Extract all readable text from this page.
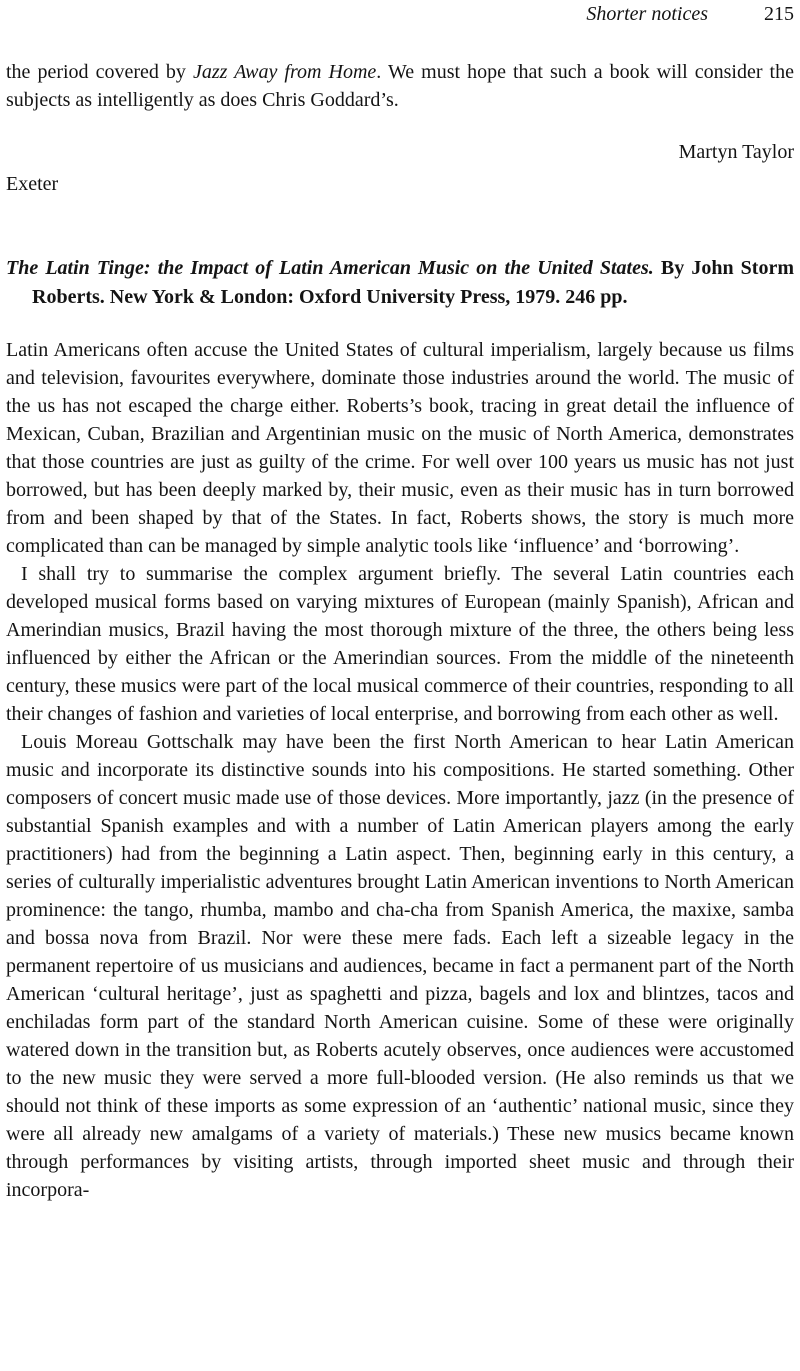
Shorter notices	215

the period covered by Jazz Away from Home. We must hope that such a book will consider the subjects as intelligently as does Chris Goddard’s.

Martyn Taylor

Exeter

The Latin Tinge: the Impact of Latin American Music on the United States. By John Storm Roberts. New York & London: Oxford University Press, 1979. 246 pp.

Latin Americans often accuse the United States of cultural imperialism, largely because us films and television, favourites everywhere, dominate those industries around the world. The music of the us has not escaped the charge either. Roberts’s book, tracing in great detail the influence of Mexican, Cuban, Brazilian and Argentinian music on the music of North America, demonstrates that those countries are just as guilty of the crime. For well over 100 years us music has not just borrowed, but has been deeply marked by, their music, even as their music has in turn borrowed from and been shaped by that of the States. In fact, Roberts shows, the story is much more complicated than can be managed by simple analytic tools like ‘influence’ and ‘borrowing’.

I shall try to summarise the complex argument briefly. The several Latin countries each developed musical forms based on varying mixtures of European (mainly Spanish), African and Amerindian musics, Brazil having the most thorough mixture of the three, the others being less influenced by either the African or the Amerindian sources. From the middle of the nineteenth century, these musics were part of the local musical commerce of their countries, responding to all their changes of fashion and varieties of local enterprise, and borrowing from each other as well.

Louis Moreau Gottschalk may have been the first North American to hear Latin American music and incorporate its distinctive sounds into his compositions. He started something. Other composers of concert music made use of those devices. More importantly, jazz (in the presence of substantial Spanish examples and with a number of Latin American players among the early practitioners) had from the beginning a Latin aspect. Then, beginning early in this century, a series of culturally imperialistic adventures brought Latin American inventions to North American prominence: the tango, rhumba, mambo and cha-cha from Spanish America, the maxixe, samba and bossa nova from Brazil. Nor were these mere fads. Each left a sizeable legacy in the permanent repertoire of us musicians and audiences, became in fact a permanent part of the North American ‘cultural heritage’, just as spaghetti and pizza, bagels and lox and blintzes, tacos and enchiladas form part of the standard North American cuisine. Some of these were originally watered down in the transition but, as Roberts acutely observes, once audiences were accustomed to the new music they were served a more full-blooded version. (He also reminds us that we should not think of these imports as some expression of an ‘authentic’ national music, since they were all already new amalgams of a variety of materials.) These new musics became known through performances by visiting artists, through imported sheet music and through their incorpora-
